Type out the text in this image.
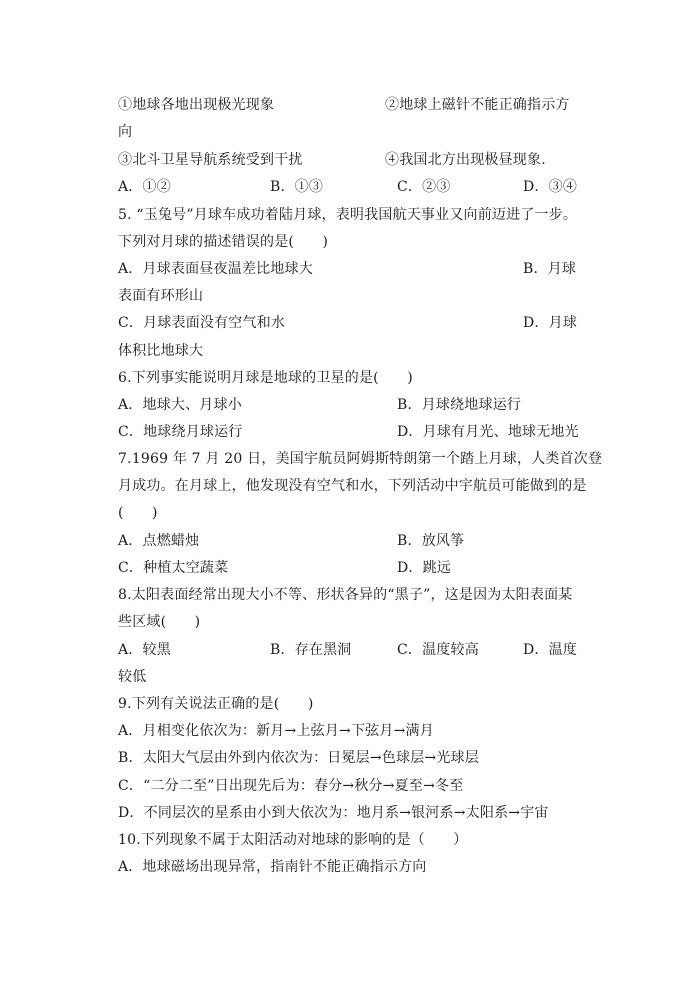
①地球各地出现极光现象	②地球上磁针不能正确指示方
向
③北斗卫星导航系统受到干扰	④我国北方出现极昼现象.
A．①②	B．①③	C．②③	D．③④
5. “玉兔号”月球车成功着陆月球，表明我国航天事业又向前迈进了一步。
下列对月球的描述错误的是(　　)
A．月球表面昼夜温差比地球大	B．月球
表面有环形山
C．月球表面没有空气和水	D．月球
体积比地球大
6.下列事实能说明月球是地球的卫星的是(　　)
A．地球大、月球小	B．月球绕地球运行
C．地球绕月球运行	D．月球有月光、地球无地光
7.1969 年 7 月 20 日，美国宇航员阿姆斯特朗第一个踏上月球，人类首次登
月成功。在月球上，他发现没有空气和水，下列活动中宇航员可能做到的是
(　　)
A．点燃蜡烛	B．放风筝
C．种植太空蔬菜	D．跳远
8.太阳表面经常出现大小不等、形状各异的“黑子”，这是因为太阳表面某
些区域(　　)
A．较黑	B．存在黑洞	C．温度较高	D．温度
较低
9.下列有关说法正确的是(　　)
A．月相变化依次为：新月→上弦月→下弦月→满月
B．太阳大气层由外到内依次为：日冕层→色球层→光球层
C．“二分二至”日出现先后为：春分→秋分→夏至→冬至
D．不同层次的星系由小到大依次为：地月系→银河系→太阳系→宇宙
10.下列现象不属于太阳活动对地球的影响的是（　　）
A．地球磁场出现异常，指南针不能正确指示方向
